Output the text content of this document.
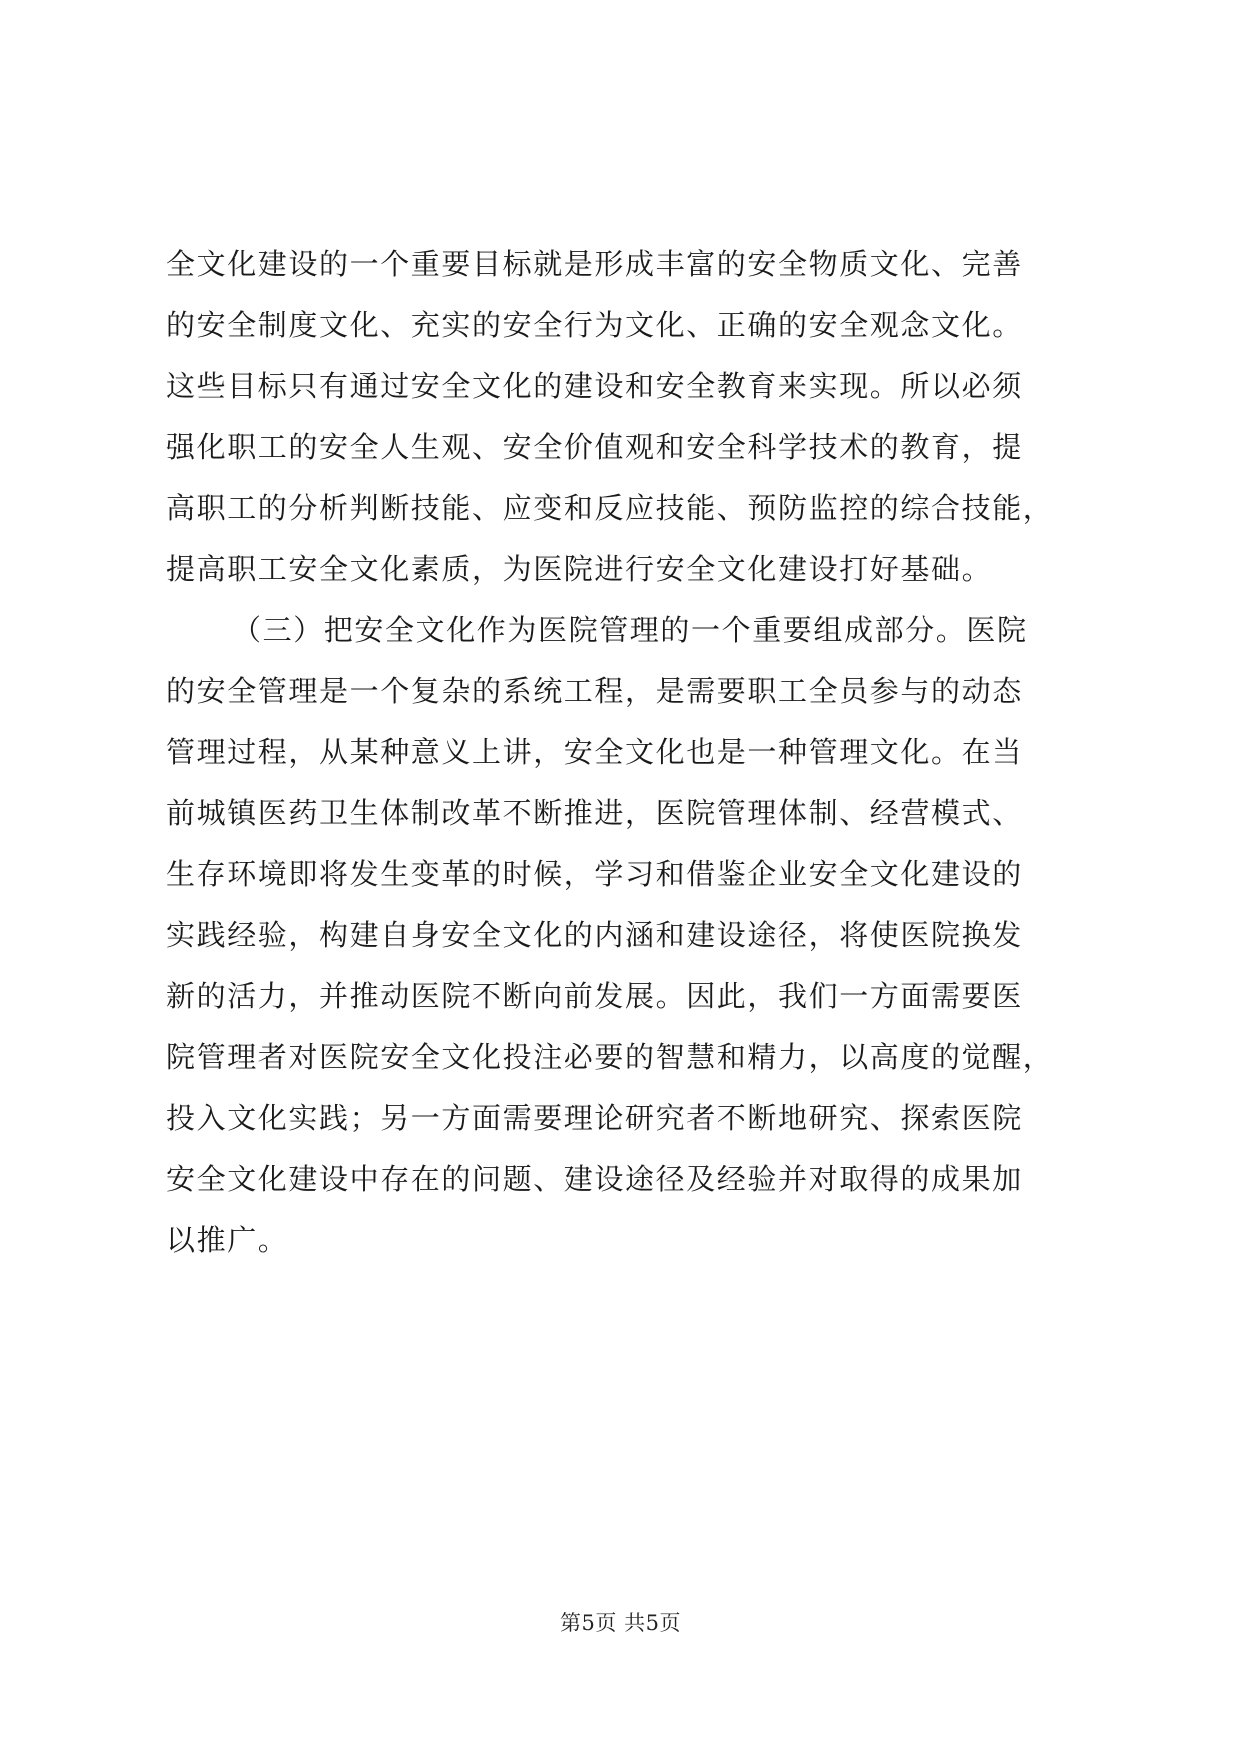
全文化建设的一个重要目标就是形成丰富的安全物质文化、完善
的安全制度文化、充实的安全行为文化、正确的安全观念文化。
这些目标只有通过安全文化的建设和安全教育来实现。所以必须
强化职工的安全人生观、安全价值观和安全科学技术的教育，提
高职工的分析判断技能、应变和反应技能、预防监控的综合技能，
提高职工安全文化素质，为医院进行安全文化建设打好基础。
（三）把安全文化作为医院管理的一个重要组成部分。医院
的安全管理是一个复杂的系统工程，是需要职工全员参与的动态
管理过程，从某种意义上讲，安全文化也是一种管理文化。在当
前城镇医药卫生体制改革不断推进，医院管理体制、经营模式、
生存环境即将发生变革的时候，学习和借鉴企业安全文化建设的
实践经验，构建自身安全文化的内涵和建设途径，将使医院换发
新的活力，并推动医院不断向前发展。因此，我们一方面需要医
院管理者对医院安全文化投注必要的智慧和精力，以高度的觉醒，
投入文化实践；另一方面需要理论研究者不断地研究、探索医院
安全文化建设中存在的问题、建设途径及经验并对取得的成果加
以推广。
第5页 共5页
